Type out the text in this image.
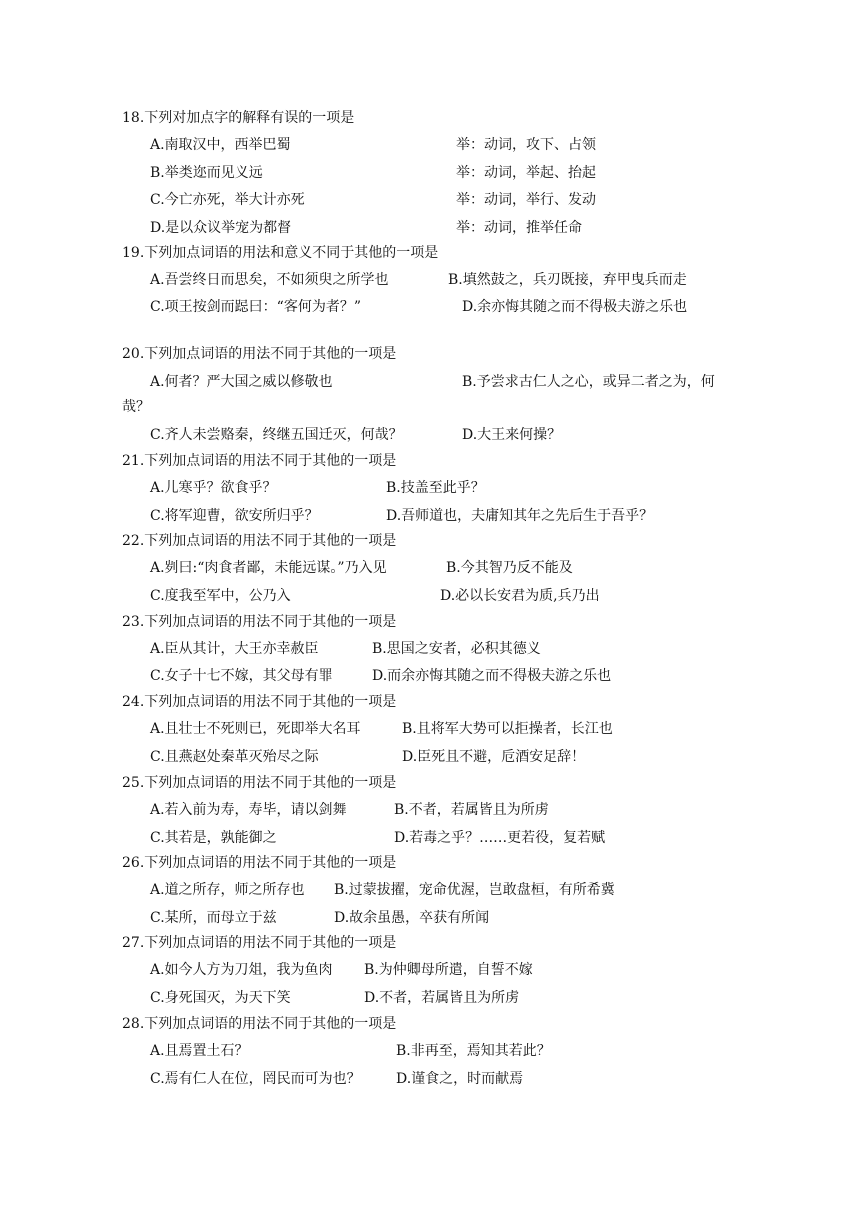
18.下列对加点字的解释有误的一项是
A.南取汉中，西举巴蜀	举：动词，攻下、占领
B.举类迩而见义远	举：动词，举起、抬起
C.今亡亦死，举大计亦死	举：动词，举行、发动
D.是以众议举宠为都督	举：动词，推举任命
19.下列加点词语的用法和意义不同于其他的一项是
A.吾尝终日而思矣，不如须臾之所学也	B.填然鼓之，兵刃既接，弃甲曳兵而走
C.项王按剑而跽曰：“客何为者？”	D.余亦悔其随之而不得极夫游之乐也
20.下列加点词语的用法不同于其他的一项是
A.何者？严大国之威以修敬也	B.予尝求古仁人之心，或异二者之为，何
哉？
C.齐人未尝赂秦，终继五国迁灭，何哉？	D.大王来何操？
21.下列加点词语的用法不同于其他的一项是
A.儿寒乎？欲食乎？	B.技盖至此乎？
C.将军迎曹，欲安所归乎？	D.吾师道也，夫庸知其年之先后生于吾乎？
22.下列加点词语的用法不同于其他的一项是
A.刿曰:“肉食者鄙，未能远谋。”乃入见	B.今其智乃反不能及
C.度我至军中，公乃入	D.必以长安君为质,兵乃出
23.下列加点词语的用法不同于其他的一项是
A.臣从其计，大王亦幸赦臣	B.思国之安者，必积其德义
C.女子十七不嫁，其父母有罪	D.而余亦悔其随之而不得极夫游之乐也
24.下列加点词语的用法不同于其他的一项是
A.且壮士不死则已，死即举大名耳	B.且将军大势可以拒操者，长江也
C.且燕赵处秦革灭殆尽之际	D.臣死且不避，卮酒安足辞！
25.下列加点词语的用法不同于其他的一项是
A.若入前为寿，寿毕，请以剑舞	B.不者，若属皆且为所虏
C.其若是，孰能御之	D.若毒之乎？……更若役，复若赋
26.下列加点词语的用法不同于其他的一项是
A.道之所存，师之所存也 B.过蒙拔擢，宠命优渥，岂敢盘桓，有所希冀
C.某所，而母立于兹	D.故余虽愚，卒获有所闻
27.下列加点词语的用法不同于其他的一项是
A.如今人方为刀俎，我为鱼肉 B.为仲卿母所遣，自誓不嫁
C.身死国灭，为天下笑	D.不者，若属皆且为所虏
28.下列加点词语的用法不同于其他的一项是
A.且焉置土石？	B.非再至，焉知其若此？
C.焉有仁人在位，罔民而可为也？	D.谨食之，时而献焉
